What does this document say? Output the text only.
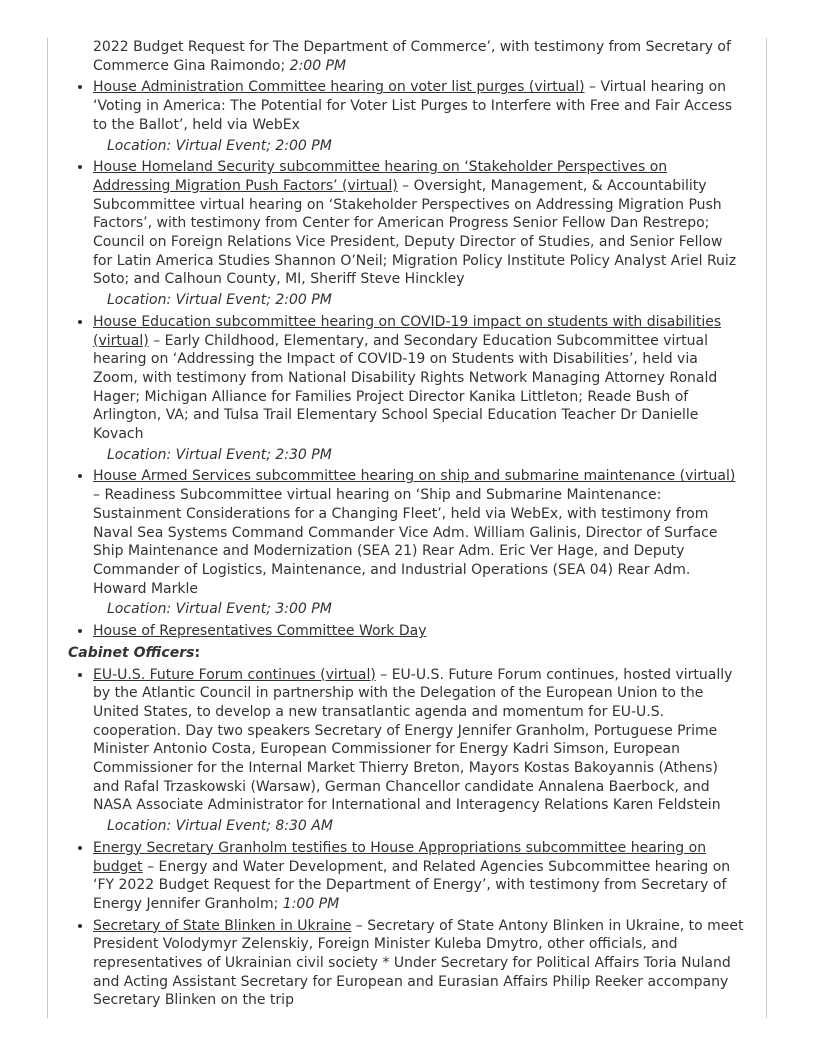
2022 Budget Request for The Department of Commerce’, with testimony from Secretary of Commerce Gina Raimondo; 2:00 PM
• House Administration Committee hearing on voter list purges (virtual) – Virtual hearing on ‘Voting in America: The Potential for Voter List Purges to Interfere with Free and Fair Access to the Ballot’, held via WebEx
Location: Virtual Event; 2:00 PM
• House Homeland Security subcommittee hearing on ‘Stakeholder Perspectives on Addressing Migration Push Factors’ (virtual) – Oversight, Management, & Accountability Subcommittee virtual hearing on ‘Stakeholder Perspectives on Addressing Migration Push Factors’, with testimony from Center for American Progress Senior Fellow Dan Restrepo; Council on Foreign Relations Vice President, Deputy Director of Studies, and Senior Fellow for Latin America Studies Shannon O’Neil; Migration Policy Institute Policy Analyst Ariel Ruiz Soto; and Calhoun County, MI, Sheriff Steve Hinckley
Location: Virtual Event; 2:00 PM
• House Education subcommittee hearing on COVID-19 impact on students with disabilities (virtual) – Early Childhood, Elementary, and Secondary Education Subcommittee virtual hearing on ‘Addressing the Impact of COVID-19 on Students with Disabilities’, held via Zoom, with testimony from National Disability Rights Network Managing Attorney Ronald Hager; Michigan Alliance for Families Project Director Kanika Littleton; Reade Bush of Arlington, VA; and Tulsa Trail Elementary School Special Education Teacher Dr Danielle Kovach
Location: Virtual Event; 2:30 PM
• House Armed Services subcommittee hearing on ship and submarine maintenance (virtual) – Readiness Subcommittee virtual hearing on ‘Ship and Submarine Maintenance: Sustainment Considerations for a Changing Fleet’, held via WebEx, with testimony from Naval Sea Systems Command Commander Vice Adm. William Galinis, Director of Surface Ship Maintenance and Modernization (SEA 21) Rear Adm. Eric Ver Hage, and Deputy Commander of Logistics, Maintenance, and Industrial Operations (SEA 04) Rear Adm. Howard Markle
Location: Virtual Event; 3:00 PM
• House of Representatives Committee Work Day
Cabinet Officers:
• EU-U.S. Future Forum continues (virtual) – EU-U.S. Future Forum continues, hosted virtually by the Atlantic Council in partnership with the Delegation of the European Union to the United States, to develop a new transatlantic agenda and momentum for EU-U.S. cooperation. Day two speakers Secretary of Energy Jennifer Granholm, Portuguese Prime Minister Antonio Costa, European Commissioner for Energy Kadri Simson, European Commissioner for the Internal Market Thierry Breton, Mayors Kostas Bakoyannis (Athens) and Rafal Trzaskowski (Warsaw), German Chancellor candidate Annalena Baerbock, and NASA Associate Administrator for International and Interagency Relations Karen Feldstein
Location: Virtual Event; 8:30 AM
• Energy Secretary Granholm testifies to House Appropriations subcommittee hearing on budget – Energy and Water Development, and Related Agencies Subcommittee hearing on ‘FY 2022 Budget Request for the Department of Energy’, with testimony from Secretary of Energy Jennifer Granholm; 1:00 PM
• Secretary of State Blinken in Ukraine – Secretary of State Antony Blinken in Ukraine, to meet President Volodymyr Zelenskiy, Foreign Minister Kuleba Dmytro, other officials, and representatives of Ukrainian civil society * Under Secretary for Political Affairs Toria Nuland and Acting Assistant Secretary for European and Eurasian Affairs Philip Reeker accompany Secretary Blinken on the trip
